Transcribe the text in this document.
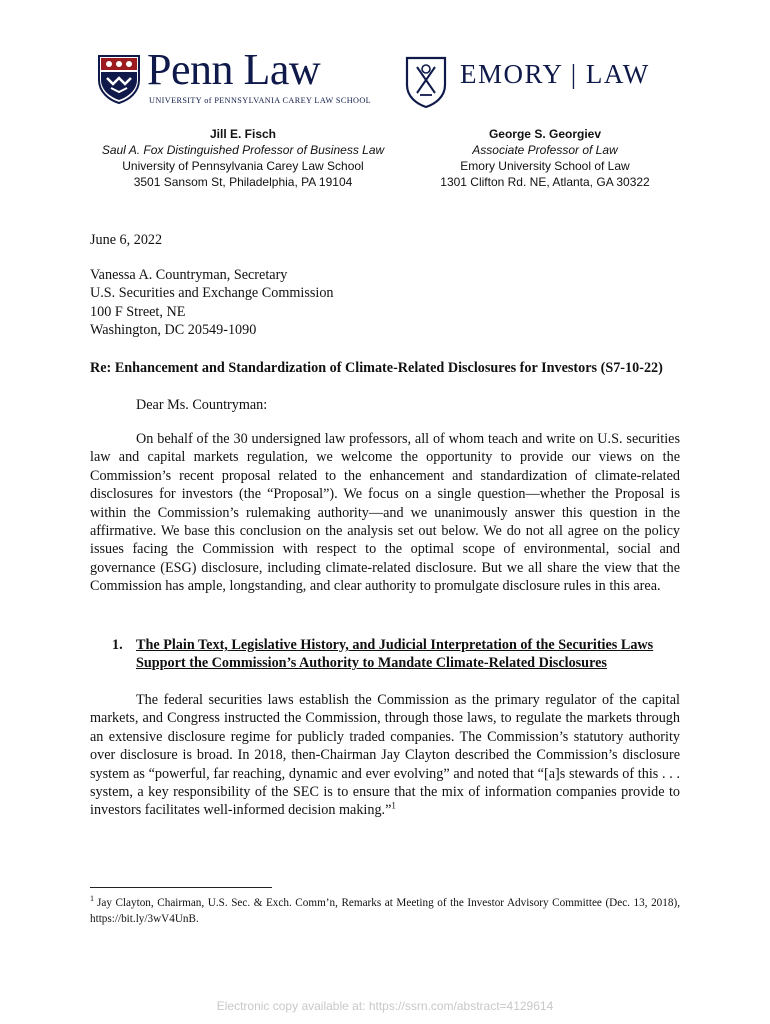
Penn Law
UNIVERSITY of PENNSYLVANIA CAREY LAW SCHOOL
EMORY | LAW
Jill E. Fisch
Saul A. Fox Distinguished Professor of Business Law
University of Pennsylvania Carey Law School
3501 Sansom St, Philadelphia, PA 19104
George S. Georgiev
Associate Professor of Law
Emory University School of Law
1301 Clifton Rd. NE, Atlanta, GA 30322
June 6, 2022
Vanessa A. Countryman, Secretary
U.S. Securities and Exchange Commission
100 F Street, NE
Washington, DC 20549-1090
Re: Enhancement and Standardization of Climate-Related Disclosures for Investors (S7-10-22)
Dear Ms. Countryman:
On behalf of the 30 undersigned law professors, all of whom teach and write on U.S. securities law and capital markets regulation, we welcome the opportunity to provide our views on the Commission’s recent proposal related to the enhancement and standardization of climate-related disclosures for investors (the “Proposal”). We focus on a single question—whether the Proposal is within the Commission’s rulemaking authority—and we unanimously answer this question in the affirmative. We base this conclusion on the analysis set out below. We do not all agree on the policy issues facing the Commission with respect to the optimal scope of environmental, social and governance (ESG) disclosure, including climate-related disclosure. But we all share the view that the Commission has ample, longstanding, and clear authority to promulgate disclosure rules in this area.
1. The Plain Text, Legislative History, and Judicial Interpretation of the Securities Laws Support the Commission’s Authority to Mandate Climate-Related Disclosures
The federal securities laws establish the Commission as the primary regulator of the capital markets, and Congress instructed the Commission, through those laws, to regulate the markets through an extensive disclosure regime for publicly traded companies. The Commission’s statutory authority over disclosure is broad. In 2018, then-Chairman Jay Clayton described the Commission’s disclosure system as “powerful, far reaching, dynamic and ever evolving” and noted that “[a]s stewards of this . . . system, a key responsibility of the SEC is to ensure that the mix of information companies provide to investors facilitates well-informed decision making.”$^1$
$^1$ Jay Clayton, Chairman, U.S. Sec. & Exch. Comm’n, Remarks at Meeting of the Investor Advisory Committee (Dec. 13, 2018), https://bit.ly/3wV4UnB.
Electronic copy available at: https://ssrn.com/abstract=4129614
